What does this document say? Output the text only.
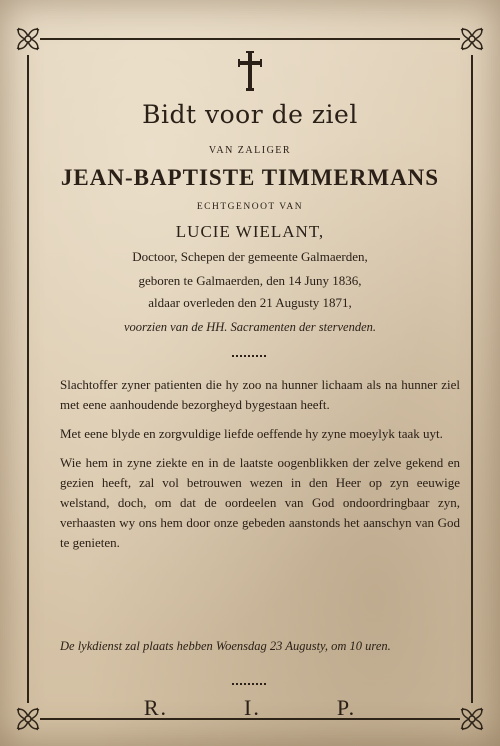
Bidt voor de ziel
VAN ZALIGER
JEAN-BAPTISTE TIMMERMANS
ECHTGENOOT VAN
LUCIE WIELANT,
Doctoor, Schepen der gemeente Galmaerden,
geboren te Galmaerden, den 14 Juny 1836,
aldaar overleden den 21 Augusty 1871,
voorzien van de HH. Sacramenten der stervenden.

Slachtoffer zyner patienten die hy zoo na hunner lichaam als na hunner ziel met eene aanhoudende bezorgheyd bygestaan heeft.

Met eene blyde en zorgvuldige liefde oeffende hy zyne moeylyk taak uyt.

Wie hem in zyne ziekte en in de laatste oogenblikken der zelve gekend en gezien heeft, zal vol betrouwen wezen in den Heer op zyn eeuwige welstand, doch, om dat de oordeelen van God ondoordringbaar zyn, verhaasten wy ons hem door onze gebeden aanstonds het aanschyn van God te genieten.

De lykdienst zal plaats hebben Woensdag 23 Augusty, om 10 uren.
R.	I.	P.
